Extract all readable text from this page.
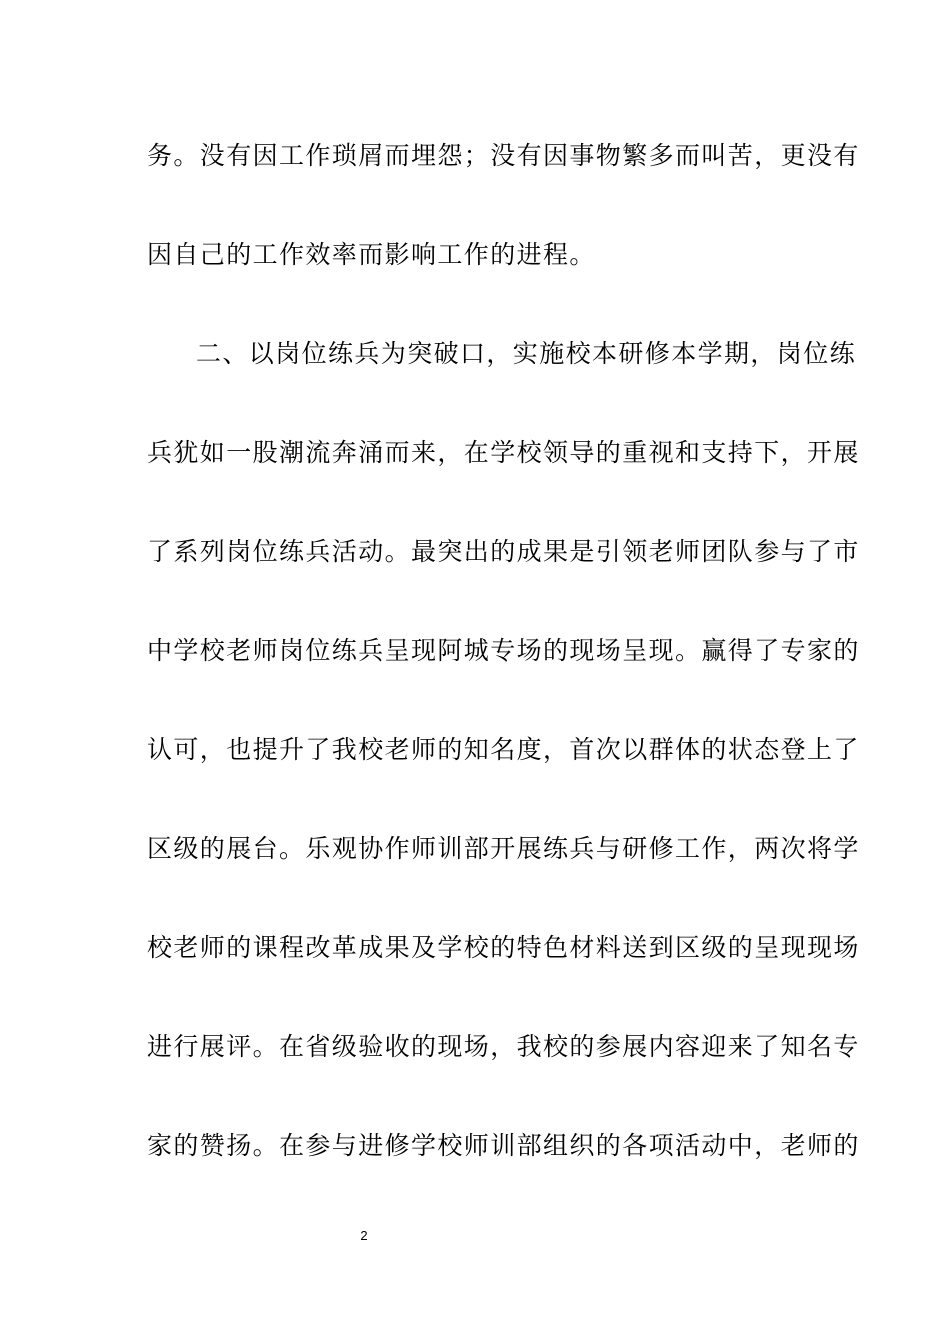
务。没有因工作琐屑而埋怨；没有因事物繁多而叫苦，更没有
因自己的工作效率而影响工作的进程。
二、以岗位练兵为突破口，实施校本研修本学期，岗位练
兵犹如一股潮流奔涌而来，在学校领导的重视和支持下，开展
了系列岗位练兵活动。最突出的成果是引领老师团队参与了市
中学校老师岗位练兵呈现阿城专场的现场呈现。赢得了专家的
认可，也提升了我校老师的知名度，首次以群体的状态登上了
区级的展台。乐观协作师训部开展练兵与研修工作，两次将学
校老师的课程改革成果及学校的特色材料送到区级的呈现现场
进行展评。在省级验收的现场，我校的参展内容迎来了知名专
家的赞扬。在参与进修学校师训部组织的各项活动中，老师的
2
